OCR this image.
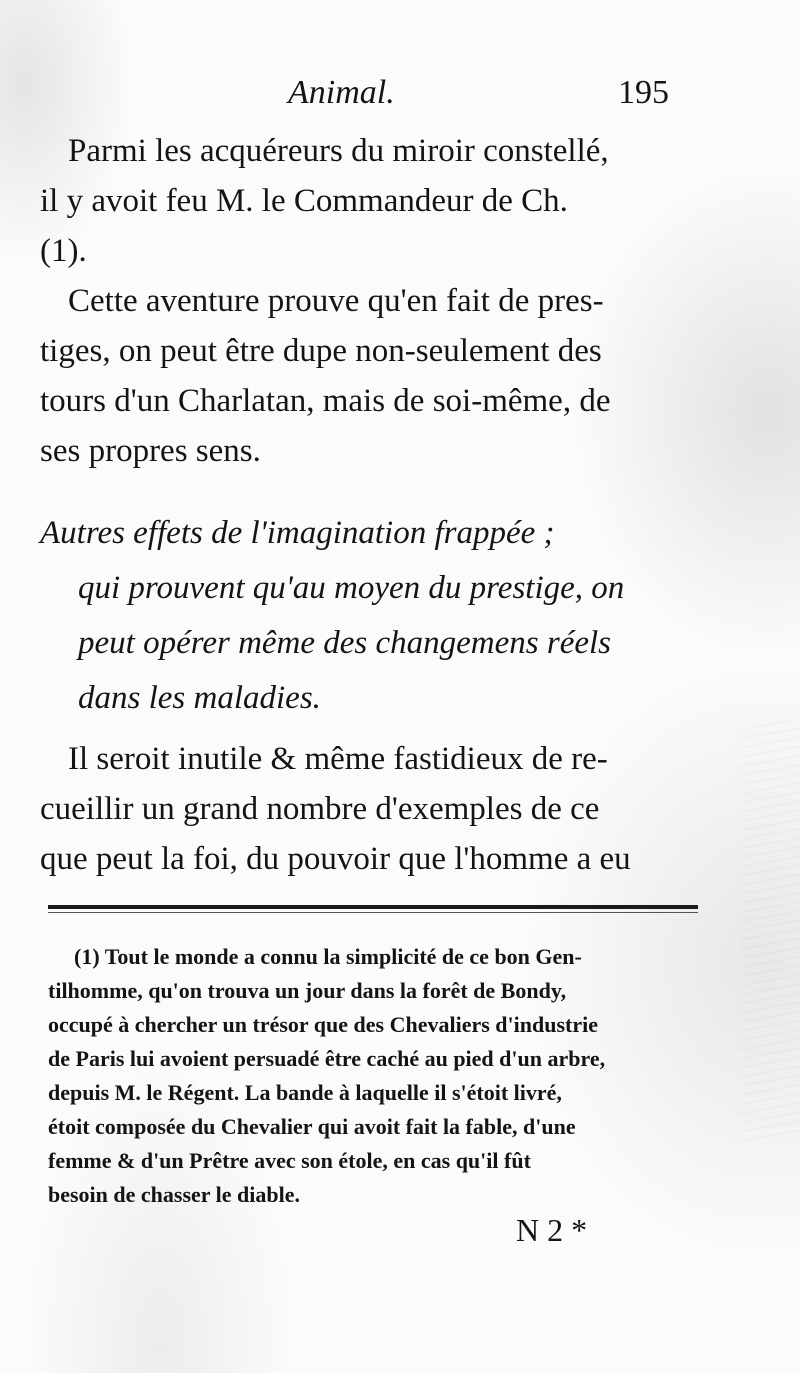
Animal.	195

Parmi les acquéreurs du miroir constellé,
il y avoit feu M. le Commandeur de Ch.
(1).

Cette aventure prouve qu'en fait de pres-
tiges, on peut être dupe non-seulement des
tours d'un Charlatan, mais de soi-même, de
ses propres sens.

Autres effets de l'imagination frappée ;
qui prouvent qu'au moyen du prestige, on
peut opérer même des changemens réels
dans les maladies.
Il seroit inutile & même fastidieux de re-
cueillir un grand nombre d'exemples de ce
que peut la foi, du pouvoir que l'homme a eu
(1) Tout le monde a connu la simplicité de ce bon Gen-
tilhomme, qu'on trouva un jour dans la forêt de Bondy,
occupé à chercher un trésor que des Chevaliers d'industrie
de Paris lui avoient persuadé être caché au pied d'un arbre,
depuis M. le Régent. La bande à laquelle il s'étoit livré,
étoit composée du Chevalier qui avoit fait la fable, d'une
femme & d'un Prêtre avec son étole, en cas qu'il fût
besoin de chasser le diable.
N 2 *
